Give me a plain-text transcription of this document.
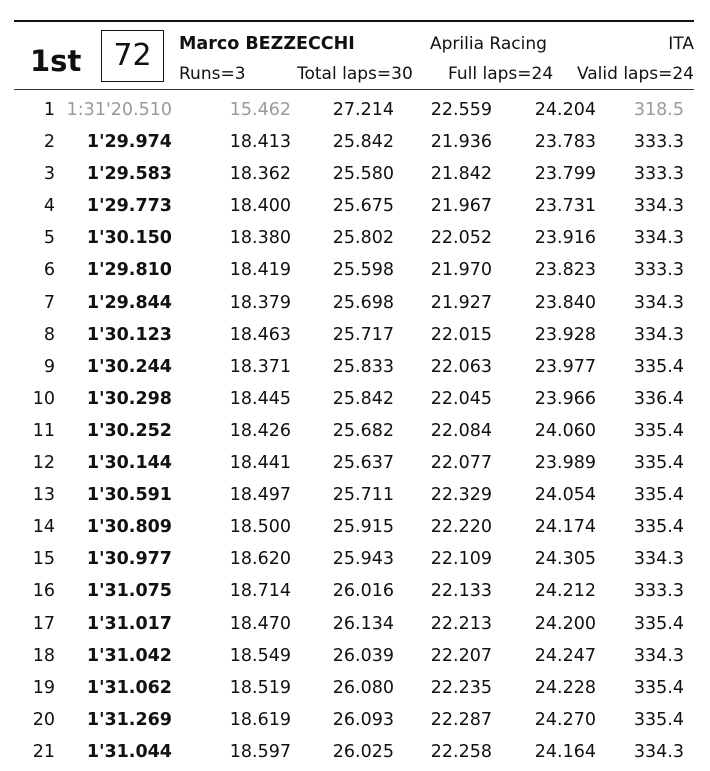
1st	72	Marco BEZZECCHI	Aprilia Racing	ITA
Runs=3	Total laps=30 Full laps=24 Valid laps=24
1 1:31'20.510	15.462 27.214 22.559 24.204 318.5
2 1'29.974	18.413 25.842 21.936 23.783 333.3
3 1'29.583	18.362 25.580 21.842 23.799 333.3
4 1'29.773	18.400 25.675 21.967 23.731 334.3
5 1'30.150	18.380 25.802 22.052 23.916 334.3
6 1'29.810	18.419 25.598 21.970 23.823 333.3
7 1'29.844	18.379 25.698 21.927 23.840 334.3
8 1'30.123	18.463 25.717 22.015 23.928 334.3
9 1'30.244	18.371 25.833 22.063 23.977 335.4
10 1'30.298	18.445 25.842 22.045 23.966 336.4
11 1'30.252	18.426 25.682 22.084 24.060 335.4
12 1'30.144	18.441 25.637 22.077 23.989 335.4
13 1'30.591	18.497 25.711 22.329 24.054 335.4
14 1'30.809	18.500 25.915 22.220 24.174 335.4
15 1'30.977	18.620 25.943 22.109 24.305 334.3
16 1'31.075	18.714 26.016 22.133 24.212 333.3
17 1'31.017	18.470 26.134 22.213 24.200 335.4
18 1'31.042	18.549 26.039 22.207 24.247 334.3
19 1'31.062	18.519 26.080 22.235 24.228 335.4
20 1'31.269	18.619 26.093 22.287 24.270 335.4
21 1'31.044	18.597 26.025 22.258 24.164 334.3
